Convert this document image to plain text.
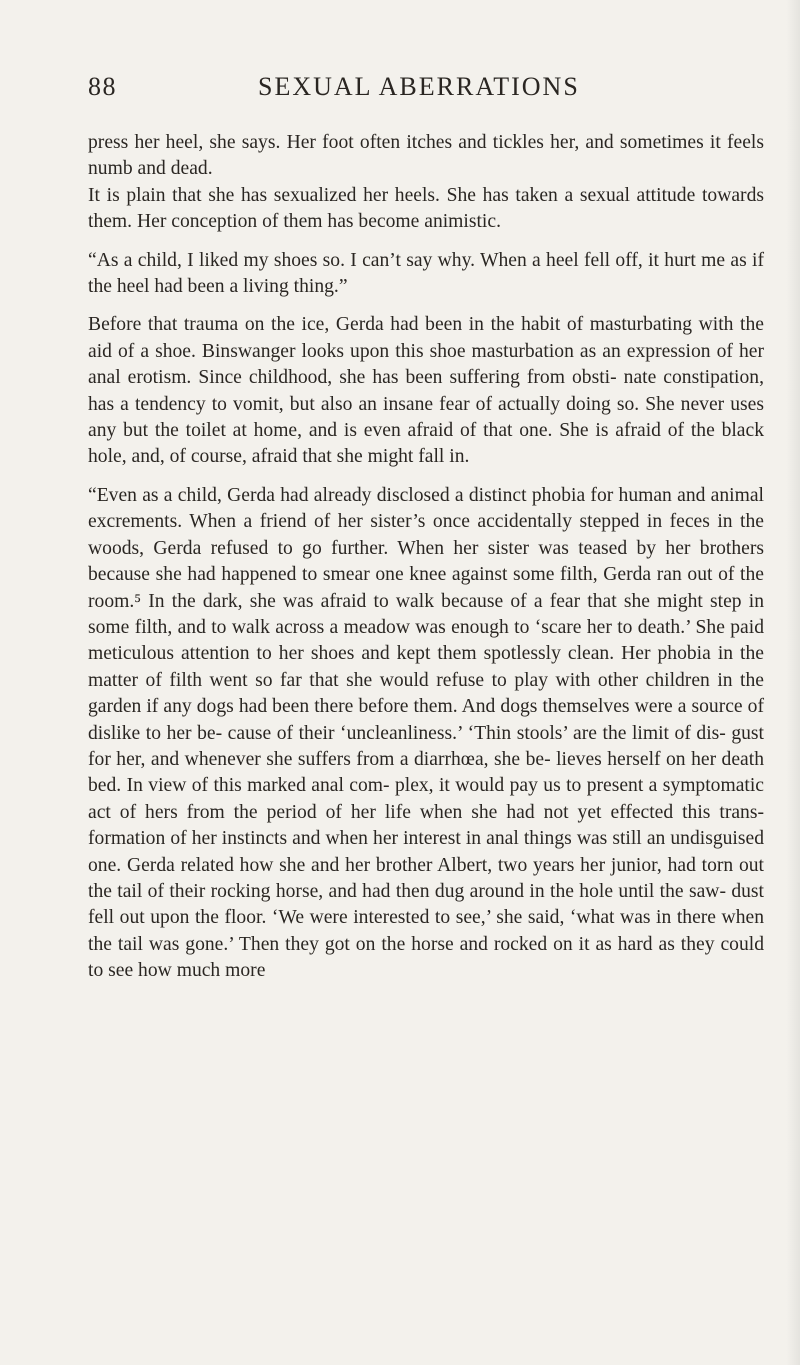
88	SEXUAL ABERRATIONS

press her heel, she says. Her foot often itches and tickles her, and sometimes it feels numb and dead.

It is plain that she has sexualized her heels. She has taken a sexual attitude towards them. Her conception of them has become animistic.

“As a child, I liked my shoes so. I can’t say why. When a heel fell off, it hurt me as if the heel had been a living thing.”

Before that trauma on the ice, Gerda had been in the habit of masturbating with the aid of a shoe. Binswanger looks upon this shoe masturbation as an expression of her anal erotism. Since childhood, she has been suffering from obsti- nate constipation, has a tendency to vomit, but also an insane fear of actually doing so. She never uses any but the toilet at home, and is even afraid of that one. She is afraid of the black hole, and, of course, afraid that she might fall in.

“Even as a child, Gerda had already disclosed a distinct phobia for human and animal excrements. When a friend of her sister’s once accidentally stepped in feces in the woods, Gerda refused to go further. When her sister was teased by her brothers because she had happened to smear one knee against some filth, Gerda ran out of the room.⁵ In the dark, she was afraid to walk because of a fear that she might step in some filth, and to walk across a meadow was enough to ‘scare her to death.’ She paid meticulous attention to her shoes and kept them spotlessly clean. Her phobia in the matter of filth went so far that she would refuse to play with other children in the garden if any dogs had been there before them. And dogs themselves were a source of dislike to her be- cause of their ‘uncleanliness.’ ‘Thin stools’ are the limit of dis- gust for her, and whenever she suffers from a diarrhœa, she be- lieves herself on her death bed. In view of this marked anal com- plex, it would pay us to present a symptomatic act of hers from the period of her life when she had not yet effected this trans- formation of her instincts and when her interest in anal things was still an undisguised one. Gerda related how she and her brother Albert, two years her junior, had torn out the tail of their rocking horse, and had then dug around in the hole until the saw- dust fell out upon the floor. ‘We were interested to see,’ she said, ‘what was in there when the tail was gone.’ Then they got on the horse and rocked on it as hard as they could to see how much more
